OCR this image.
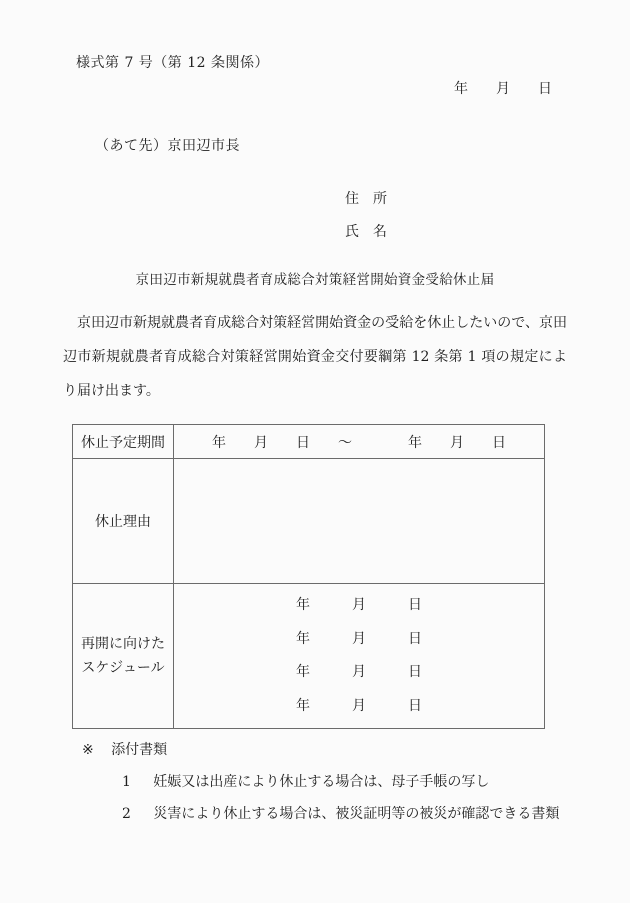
様式第 7 号（第 12 条関係）
年　　月　　日
（あて先）京田辺市長
住　所
氏　名
京田辺市新規就農者育成総合対策経営開始資金受給休止届

京田辺市新規就農者育成総合対策経営開始資金の受給を休止したいので、京田辺市新規就農者育成総合対策経営開始資金交付要綱第 12 条第 1 項の規定により届け出ます。

休止予定期間	年　　月　　日　　～　　　　年　　月　　日
休止理由	

再開に向けた
スケジュール	年　　　月　　　日
年　　　月　　　日
年　　　月　　　日
年　　　月　　　日
※ 添付書類
1 妊娠又は出産により休止する場合は、母子手帳の写し
2 災害により休止する場合は、被災証明等の被災が確認できる書類
